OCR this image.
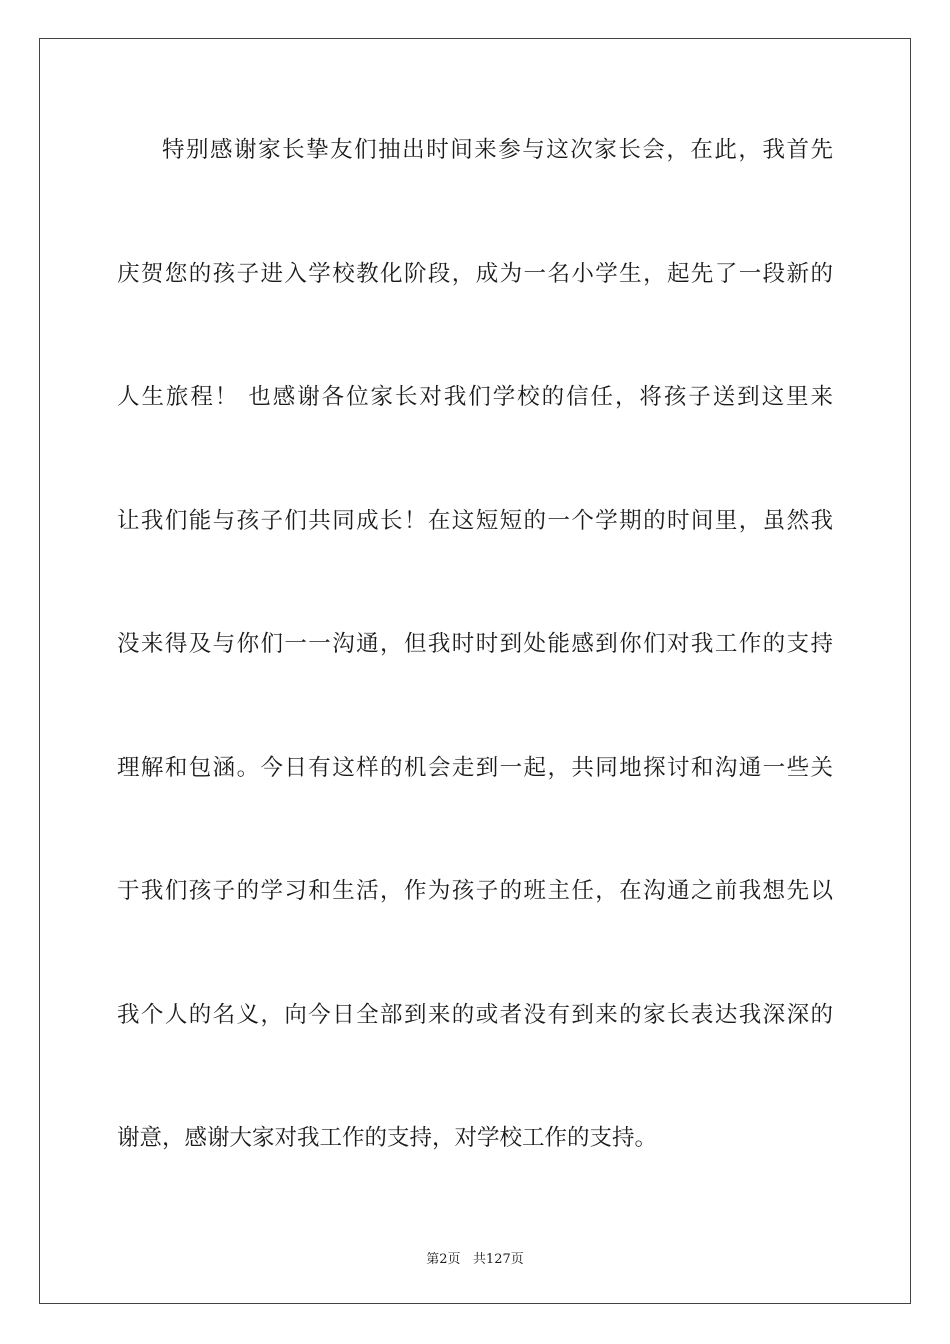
特别感谢家长挚友们抽出时间来参与这次家长会，在此，我首先
庆贺您的孩子进入学校教化阶段，成为一名小学生，起先了一段新的
人生旅程！ 也感谢各位家长对我们学校的信任，将孩子送到这里来
让我们能与孩子们共同成长！在这短短的一个学期的时间里，虽然我
没来得及与你们一一沟通，但我时时到处能感到你们对我工作的支持
理解和包涵。今日有这样的机会走到一起，共同地探讨和沟通一些关
于我们孩子的学习和生活，作为孩子的班主任，在沟通之前我想先以
我个人的名义，向今日全部到来的或者没有到来的家长表达我深深的
谢意，感谢大家对我工作的支持，对学校工作的支持。
第2页   共127页
